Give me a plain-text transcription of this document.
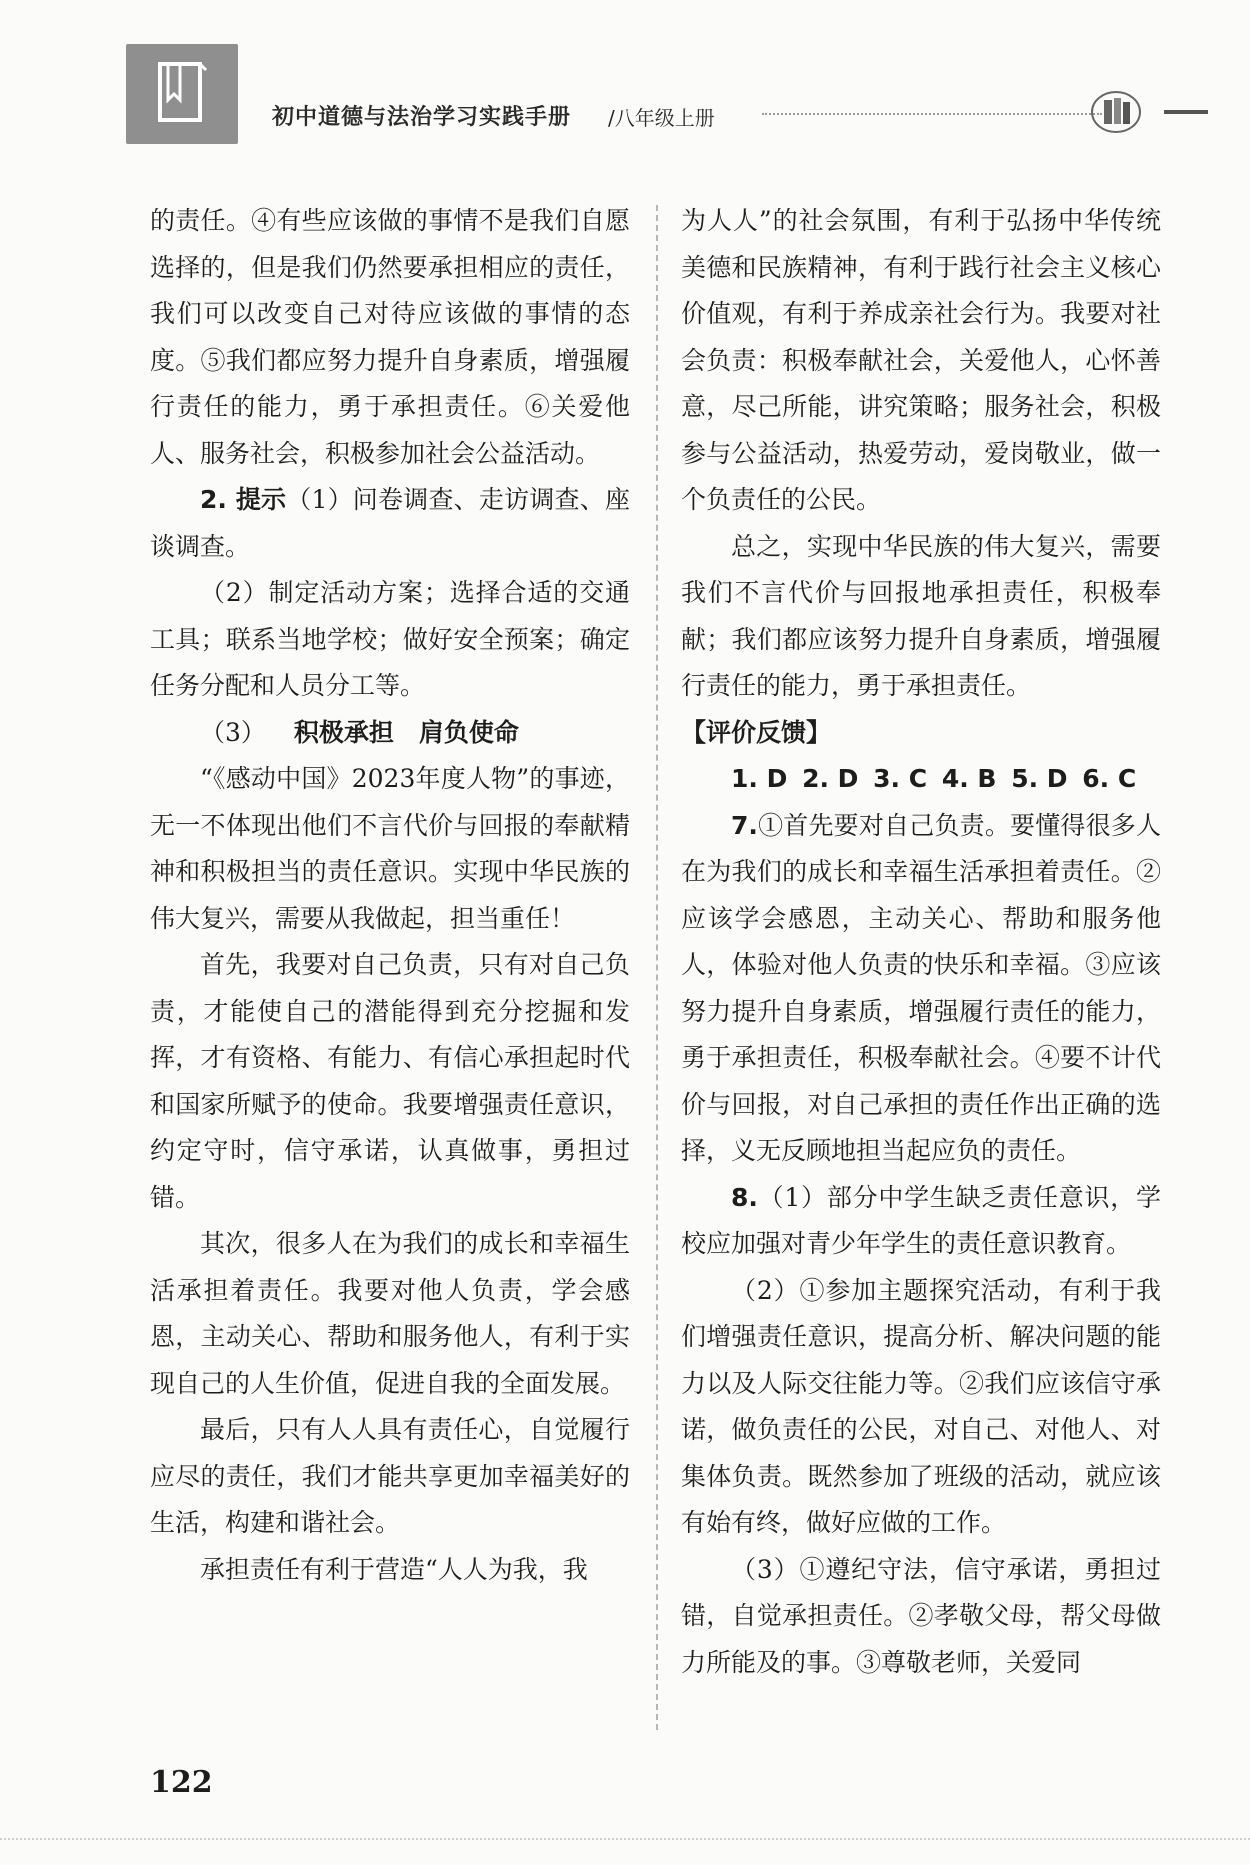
初中道德与法治学习实践手册 /八年级上册

的责任。④有些应该做的事情不是我们自愿选择的，但是我们仍然要承担相应的责任，我们可以改变自己对待应该做的事情的态度。⑤我们都应努力提升自身素质，增强履行责任的能力，勇于承担责任。⑥关爱他人、服务社会，积极参加社会公益活动。

2. 提示（1）问卷调查、走访调查、座谈调查。

（2）制定活动方案；选择合适的交通工具；联系当地学校；做好安全预案；确定任务分配和人员分工等。

（3） 积极承担　肩负使命

“《感动中国》2023年度人物”的事迹，无一不体现出他们不言代价与回报的奉献精神和积极担当的责任意识。实现中华民族的伟大复兴，需要从我做起，担当重任！

首先，我要对自己负责，只有对自己负责，才能使自己的潜能得到充分挖掘和发挥，才有资格、有能力、有信心承担起时代和国家所赋予的使命。我要增强责任意识，约定守时，信守承诺，认真做事，勇担过错。

其次，很多人在为我们的成长和幸福生活承担着责任。我要对他人负责，学会感恩，主动关心、帮助和服务他人，有利于实现自己的人生价值，促进自我的全面发展。

最后，只有人人具有责任心，自觉履行应尽的责任，我们才能共享更加幸福美好的生活，构建和谐社会。

承担责任有利于营造“人人为我，我

为人人”的社会氛围，有利于弘扬中华传统美德和民族精神，有利于践行社会主义核心价值观，有利于养成亲社会行为。我要对社会负责：积极奉献社会，关爱他人，心怀善意，尽己所能，讲究策略；服务社会，积极参与公益活动，热爱劳动，爱岗敬业，做一个负责任的公民。

总之，实现中华民族的伟大复兴，需要我们不言代价与回报地承担责任，积极奉献；我们都应该努力提升自身素质，增强履行责任的能力，勇于承担责任。

【评价反馈】

1. D 2. D 3. C 4. B 5. D 6. C

7.①首先要对自己负责。要懂得很多人在为我们的成长和幸福生活承担着责任。②应该学会感恩，主动关心、帮助和服务他人，体验对他人负责的快乐和幸福。③应该努力提升自身素质，增强履行责任的能力，勇于承担责任，积极奉献社会。④要不计代价与回报，对自己承担的责任作出正确的选择，义无反顾地担当起应负的责任。

8.（1）部分中学生缺乏责任意识，学校应加强对青少年学生的责任意识教育。

（2）①参加主题探究活动，有利于我们增强责任意识，提高分析、解决问题的能力以及人际交往能力等。②我们应该信守承诺，做负责任的公民，对自己、对他人、对集体负责。既然参加了班级的活动，就应该有始有终，做好应做的工作。

（3）①遵纪守法，信守承诺，勇担过错，自觉承担责任。②孝敬父母，帮父母做力所能及的事。③尊敬老师，关爱同

122
